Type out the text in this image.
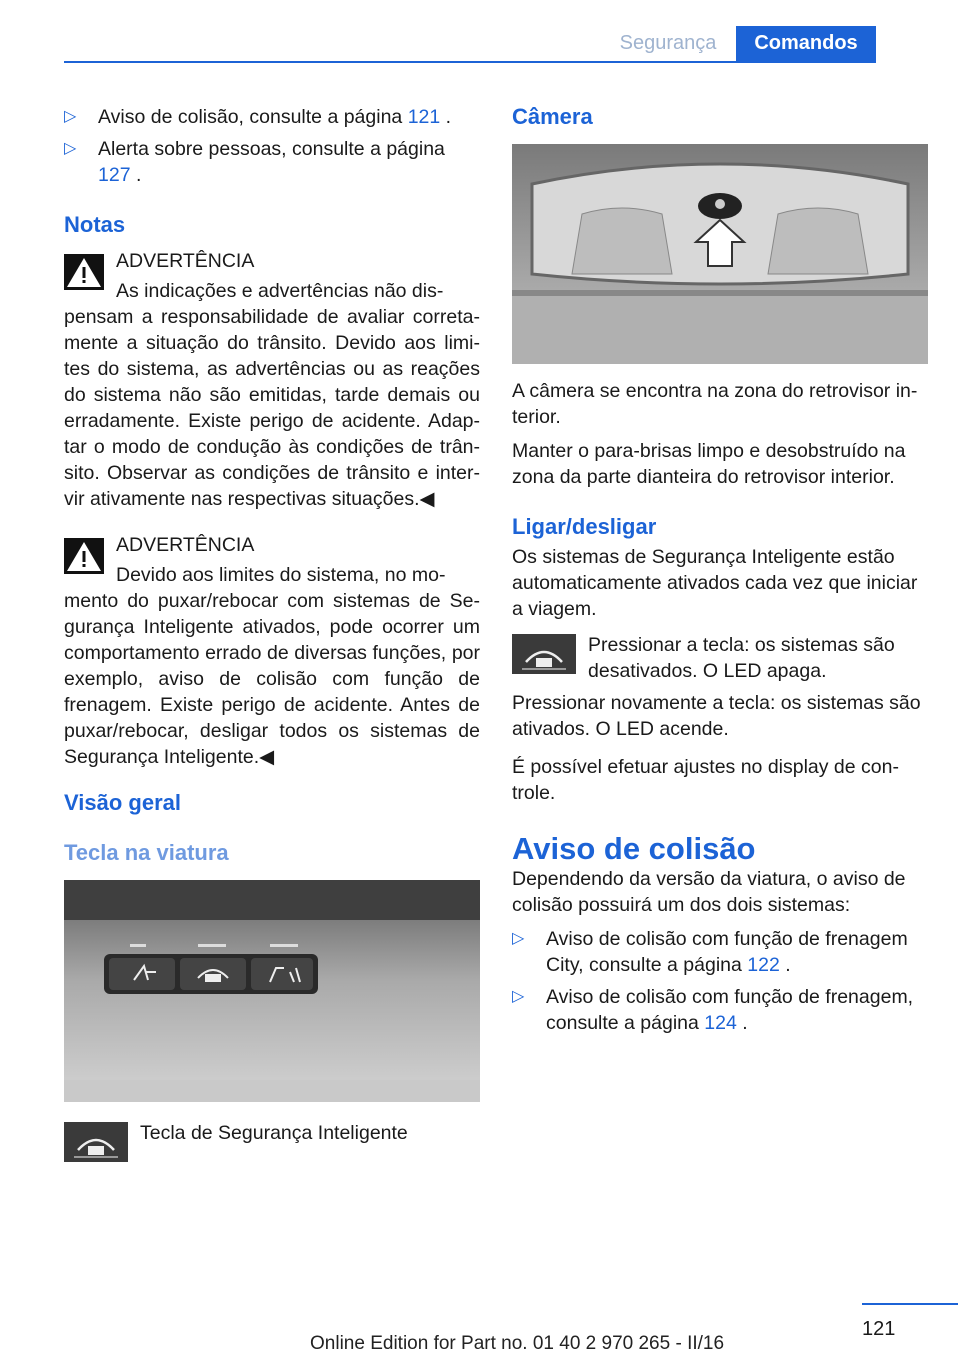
Segurança	Comandos
▷ Aviso de colisão, consulte a página 121 .
▷ Alerta sobre pessoas, consulte a página 127 .
Notas
ADVERTÊNCIA
As indicações e advertências não dis-
pensam a responsabilidade de avaliar correta-mente a situação do trânsito. Devido aos limi-tes do sistema, as advertências ou as reações do sistema não são emitidas, tarde demais ou erradamente. Existe perigo de acidente. Adap-tar o modo de condução às condições de trân-sito. Observar as condições de trânsito e inter-vir ativamente nas respectivas situações.◀
ADVERTÊNCIA
Devido aos limites do sistema, no mo-
mento do puxar/rebocar com sistemas de Se-gurança Inteligente ativados, pode ocorrer um comportamento errado de diversas funções, por exemplo, aviso de colisão com função de frenagem. Existe perigo de acidente. Antes de puxar/rebocar, desligar todos os sistemas de Segurança Inteligente.◀
Visão geral
Tecla na viatura
Tecla de Segurança Inteligente
Câmera

A câmera se encontra na zona do retrovisor in-terior.

Manter o para-brisas limpo e desobstruído na zona da parte dianteira do retrovisor interior.

Ligar/desligar

Os sistemas de Segurança Inteligente estão automaticamente ativados cada vez que iniciar a viagem.

Pressionar a tecla: os sistemas são desativados. O LED apaga.

Pressionar novamente a tecla: os sistemas são ativados. O LED acende.

É possível efetuar ajustes no display de con-trole.

Aviso de colisão

Dependendo da versão da viatura, o aviso de colisão possuirá um dos dois sistemas:

▷ Aviso de colisão com função de frenagem City, consulte a página 122 .
▷ Aviso de colisão com função de frenagem, consulte a página 124 .
121
Online Edition for Part no. 01 40 2 970 265 - II/16
